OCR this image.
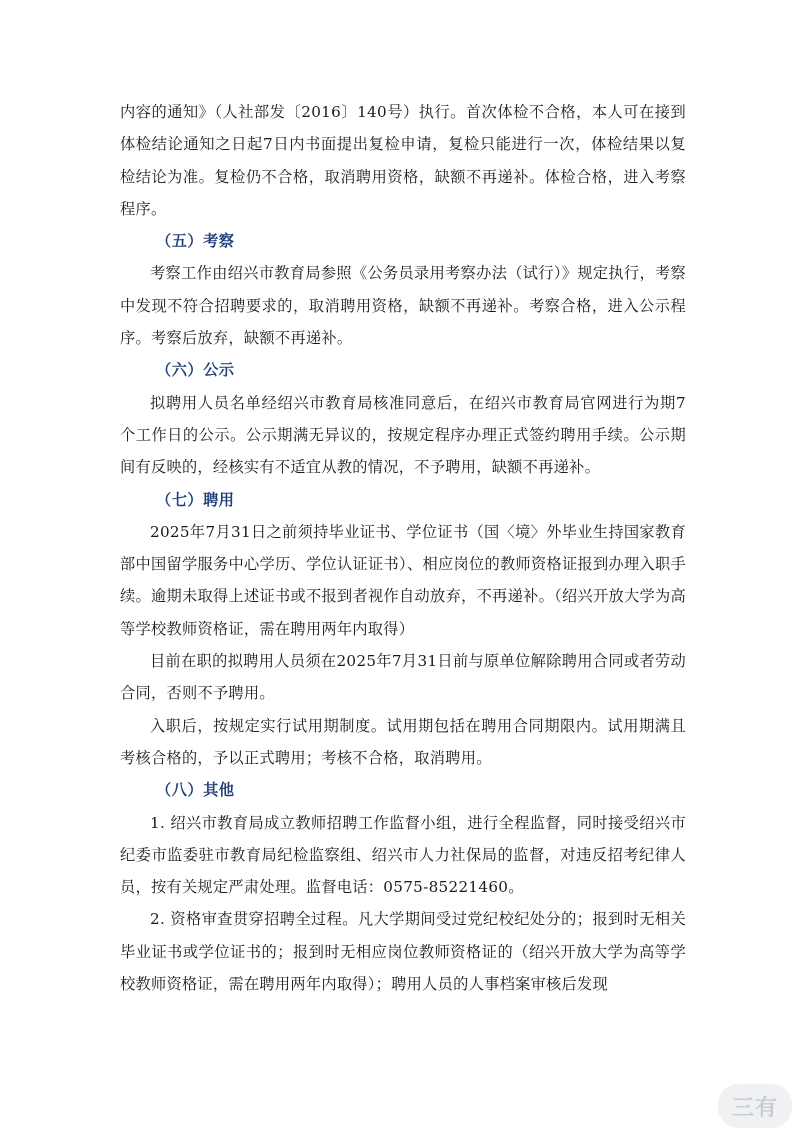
内容的通知》（人社部发〔2016〕140号）执行。首次体检不合格，本人可在接到体检结论通知之日起7日内书面提出复检申请，复检只能进行一次，体检结果以复检结论为准。复检仍不合格，取消聘用资格，缺额不再递补。体检合格，进入考察程序。

（五）考察

考察工作由绍兴市教育局参照《公务员录用考察办法（试行）》规定执行，考察中发现不符合招聘要求的，取消聘用资格，缺额不再递补。考察合格，进入公示程序。考察后放弃，缺额不再递补。

（六）公示

拟聘用人员名单经绍兴市教育局核准同意后，在绍兴市教育局官网进行为期7个工作日的公示。公示期满无异议的，按规定程序办理正式签约聘用手续。公示期间有反映的，经核实有不适宜从教的情况，不予聘用，缺额不再递补。

（七）聘用

2025年7月31日之前须持毕业证书、学位证书（国〈境〉外毕业生持国家教育部中国留学服务中心学历、学位认证证书）、相应岗位的教师资格证报到办理入职手续。逾期未取得上述证书或不报到者视作自动放弃，不再递补。（绍兴开放大学为高等学校教师资格证，需在聘用两年内取得）

目前在职的拟聘用人员须在2025年7月31日前与原单位解除聘用合同或者劳动合同，否则不予聘用。

入职后，按规定实行试用期制度。试用期包括在聘用合同期限内。试用期满且考核合格的，予以正式聘用；考核不合格，取消聘用。

（八）其他

1. 绍兴市教育局成立教师招聘工作监督小组，进行全程监督，同时接受绍兴市纪委市监委驻市教育局纪检监察组、绍兴市人力社保局的监督，对违反招考纪律人员，按有关规定严肃处理。监督电话：0575-85221460。

2. 资格审查贯穿招聘全过程。凡大学期间受过党纪校纪处分的；报到时无相关毕业证书或学位证书的；报到时无相应岗位教师资格证的（绍兴开放大学为高等学校教师资格证，需在聘用两年内取得）；聘用人员的人事档案审核后发现

三有
